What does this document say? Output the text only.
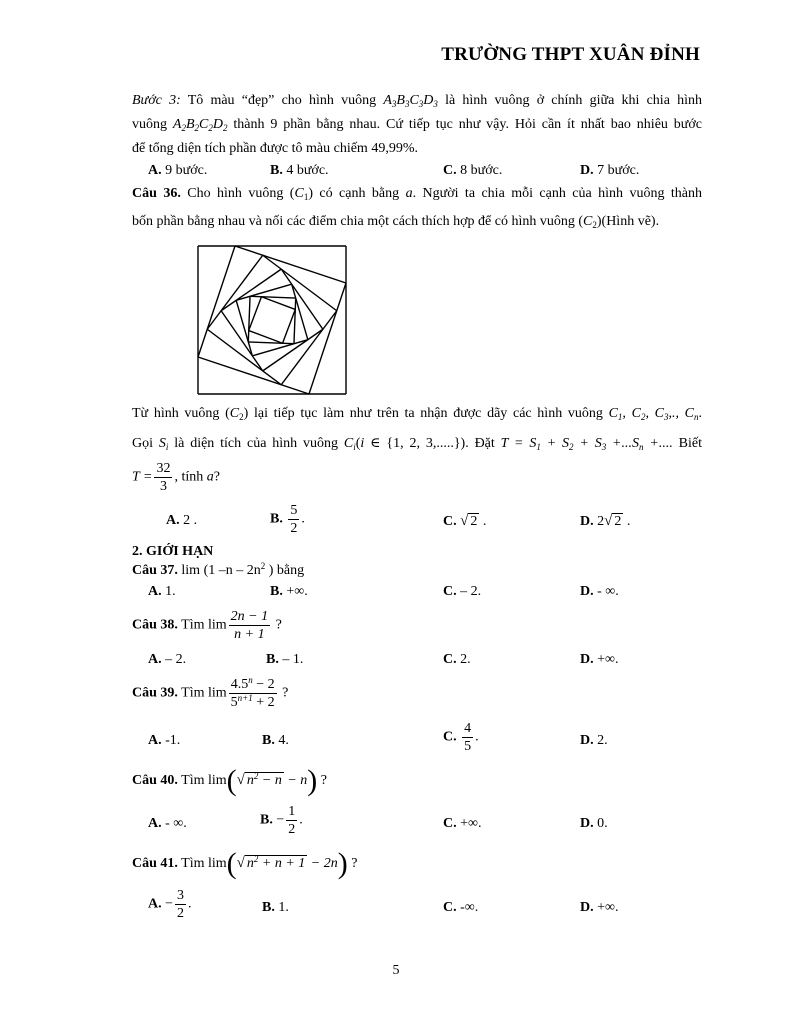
TRƯỜNG THPT XUÂN ĐỈNH
Bước 3: Tô màu “đẹp” cho hình vuông $A_3B_3C_3D_3$ là hình vuông ở chính giữa khi chia hình
vuông $A_2B_2C_2D_2$ thành 9 phần bằng nhau. Cứ tiếp tục như vậy. Hỏi cần ít nhất bao nhiêu bước
để tổng diện tích phần được tô màu chiếm 49,99%.
A. 9 bước.	B. 4 bước.	C. 8 bước.	D. 7 bước.
Câu 36. Cho hình vuông $(C_1)$ có cạnh bằng a. Người ta chia mỗi cạnh của hình vuông thành
bốn phần bằng nhau và nối các điểm chia một cách thích hợp để có hình vuông $(C_2)(Hình$ vẽ).
Từ hình vuông $(C_2)$ lại tiếp tục làm như trên ta nhận được dãy các hình vuông $C_1$, $C_2$, $C_3$,., $C_n$.
Gọi $S_i$ là diện tích của hình vuông $C_i(i$ ∈ {1, 2, 3,.....}). Đặt $T = S_1 + S_2 + S_3 +...S_n$ +.... Biết
$T = \frac{32}{3}$ , tính a?
A. 2 .	B. $\frac{5}{2}$ .	C. √ 2 .	D. 2√ 2 .
2. GIỚI HẠN
Câu 37. lim (1 $-n - 2n^2$ ) bằng
A. 1.	B. +∞.	C. – 2.	D. - ∞.
Câu 38. Tìm $\lim \frac{2n - 1}{n + 1}$ ?
A. – 2.	B. – 1.	C. 2.	D. +∞.
Câu 39. Tìm $\lim \frac{4.5^n - 2}{5^{n+1} + 2}$ ?
A. -1.	B. 4.	C. $\frac{4}{5}$ .	D. 2.
Câu 40. Tìm lim(√ $n^2 - n - n$) ?
A. - ∞.	B. − $\frac{1}{2}$ .	C. +∞.	D. 0.
Câu 41. Tìm lim(√ $n^2 + n + 1 - 2n$) ?
A. − $\frac{3}{2}$ .	B. 1.	C. -∞.	D. +∞.
5
